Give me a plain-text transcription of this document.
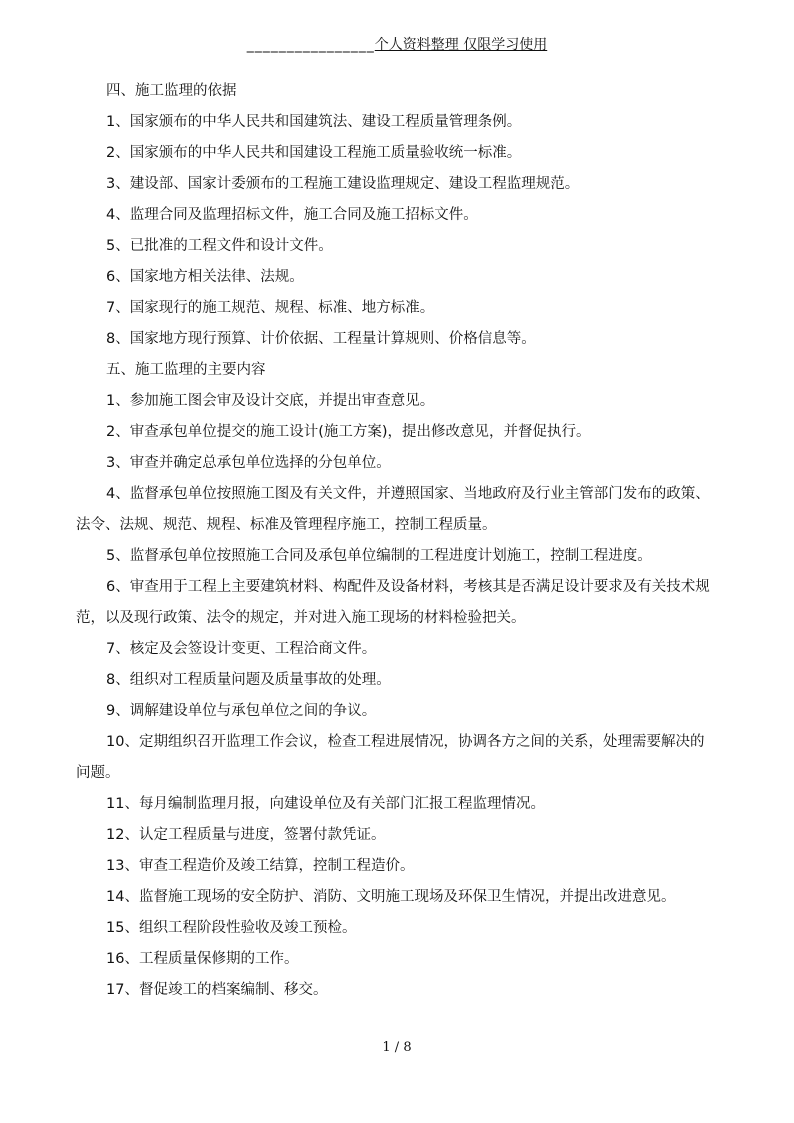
________________个人资料整理 仅限学习使用

四、施工监理的依据

1、国家颁布的中华人民共和国建筑法、建设工程质量管理条例。

2、国家颁布的中华人民共和国建设工程施工质量验收统一标准。

3、建设部、国家计委颁布的工程施工建设监理规定、建设工程监理规范。

4、监理合同及监理招标文件，施工合同及施工招标文件。

5、已批准的工程文件和设计文件。

6、国家地方相关法律、法规。

7、国家现行的施工规范、规程、标准、地方标准。

8、国家地方现行预算、计价依据、工程量计算规则、价格信息等。

五、施工监理的主要内容

1、参加施工图会审及设计交底，并提出审查意见。

2、审查承包单位提交的施工设计(施工方案)，提出修改意见，并督促执行。

3、审查并确定总承包单位选择的分包单位。

4、监督承包单位按照施工图及有关文件，并遵照国家、当地政府及行业主管部门发布的政策、法令、法规、规范、规程、标准及管理程序施工，控制工程质量。

5、监督承包单位按照施工合同及承包单位编制的工程进度计划施工，控制工程进度。

6、审查用于工程上主要建筑材料、构配件及设备材料，考核其是否满足设计要求及有关技术规范，以及现行政策、法令的规定，并对进入施工现场的材料检验把关。

7、核定及会签设计变更、工程洽商文件。

8、组织对工程质量问题及质量事故的处理。

9、调解建设单位与承包单位之间的争议。

10、定期组织召开监理工作会议，检查工程进展情况，协调各方之间的关系，处理需要解决的问题。

11、每月编制监理月报，向建设单位及有关部门汇报工程监理情况。

12、认定工程质量与进度，签署付款凭证。

13、审查工程造价及竣工结算，控制工程造价。

14、监督施工现场的安全防护、消防、文明施工现场及环保卫生情况，并提出改进意见。

15、组织工程阶段性验收及竣工预检。

16、工程质量保修期的工作。

17、督促竣工的档案编制、移交。

1 / 8
